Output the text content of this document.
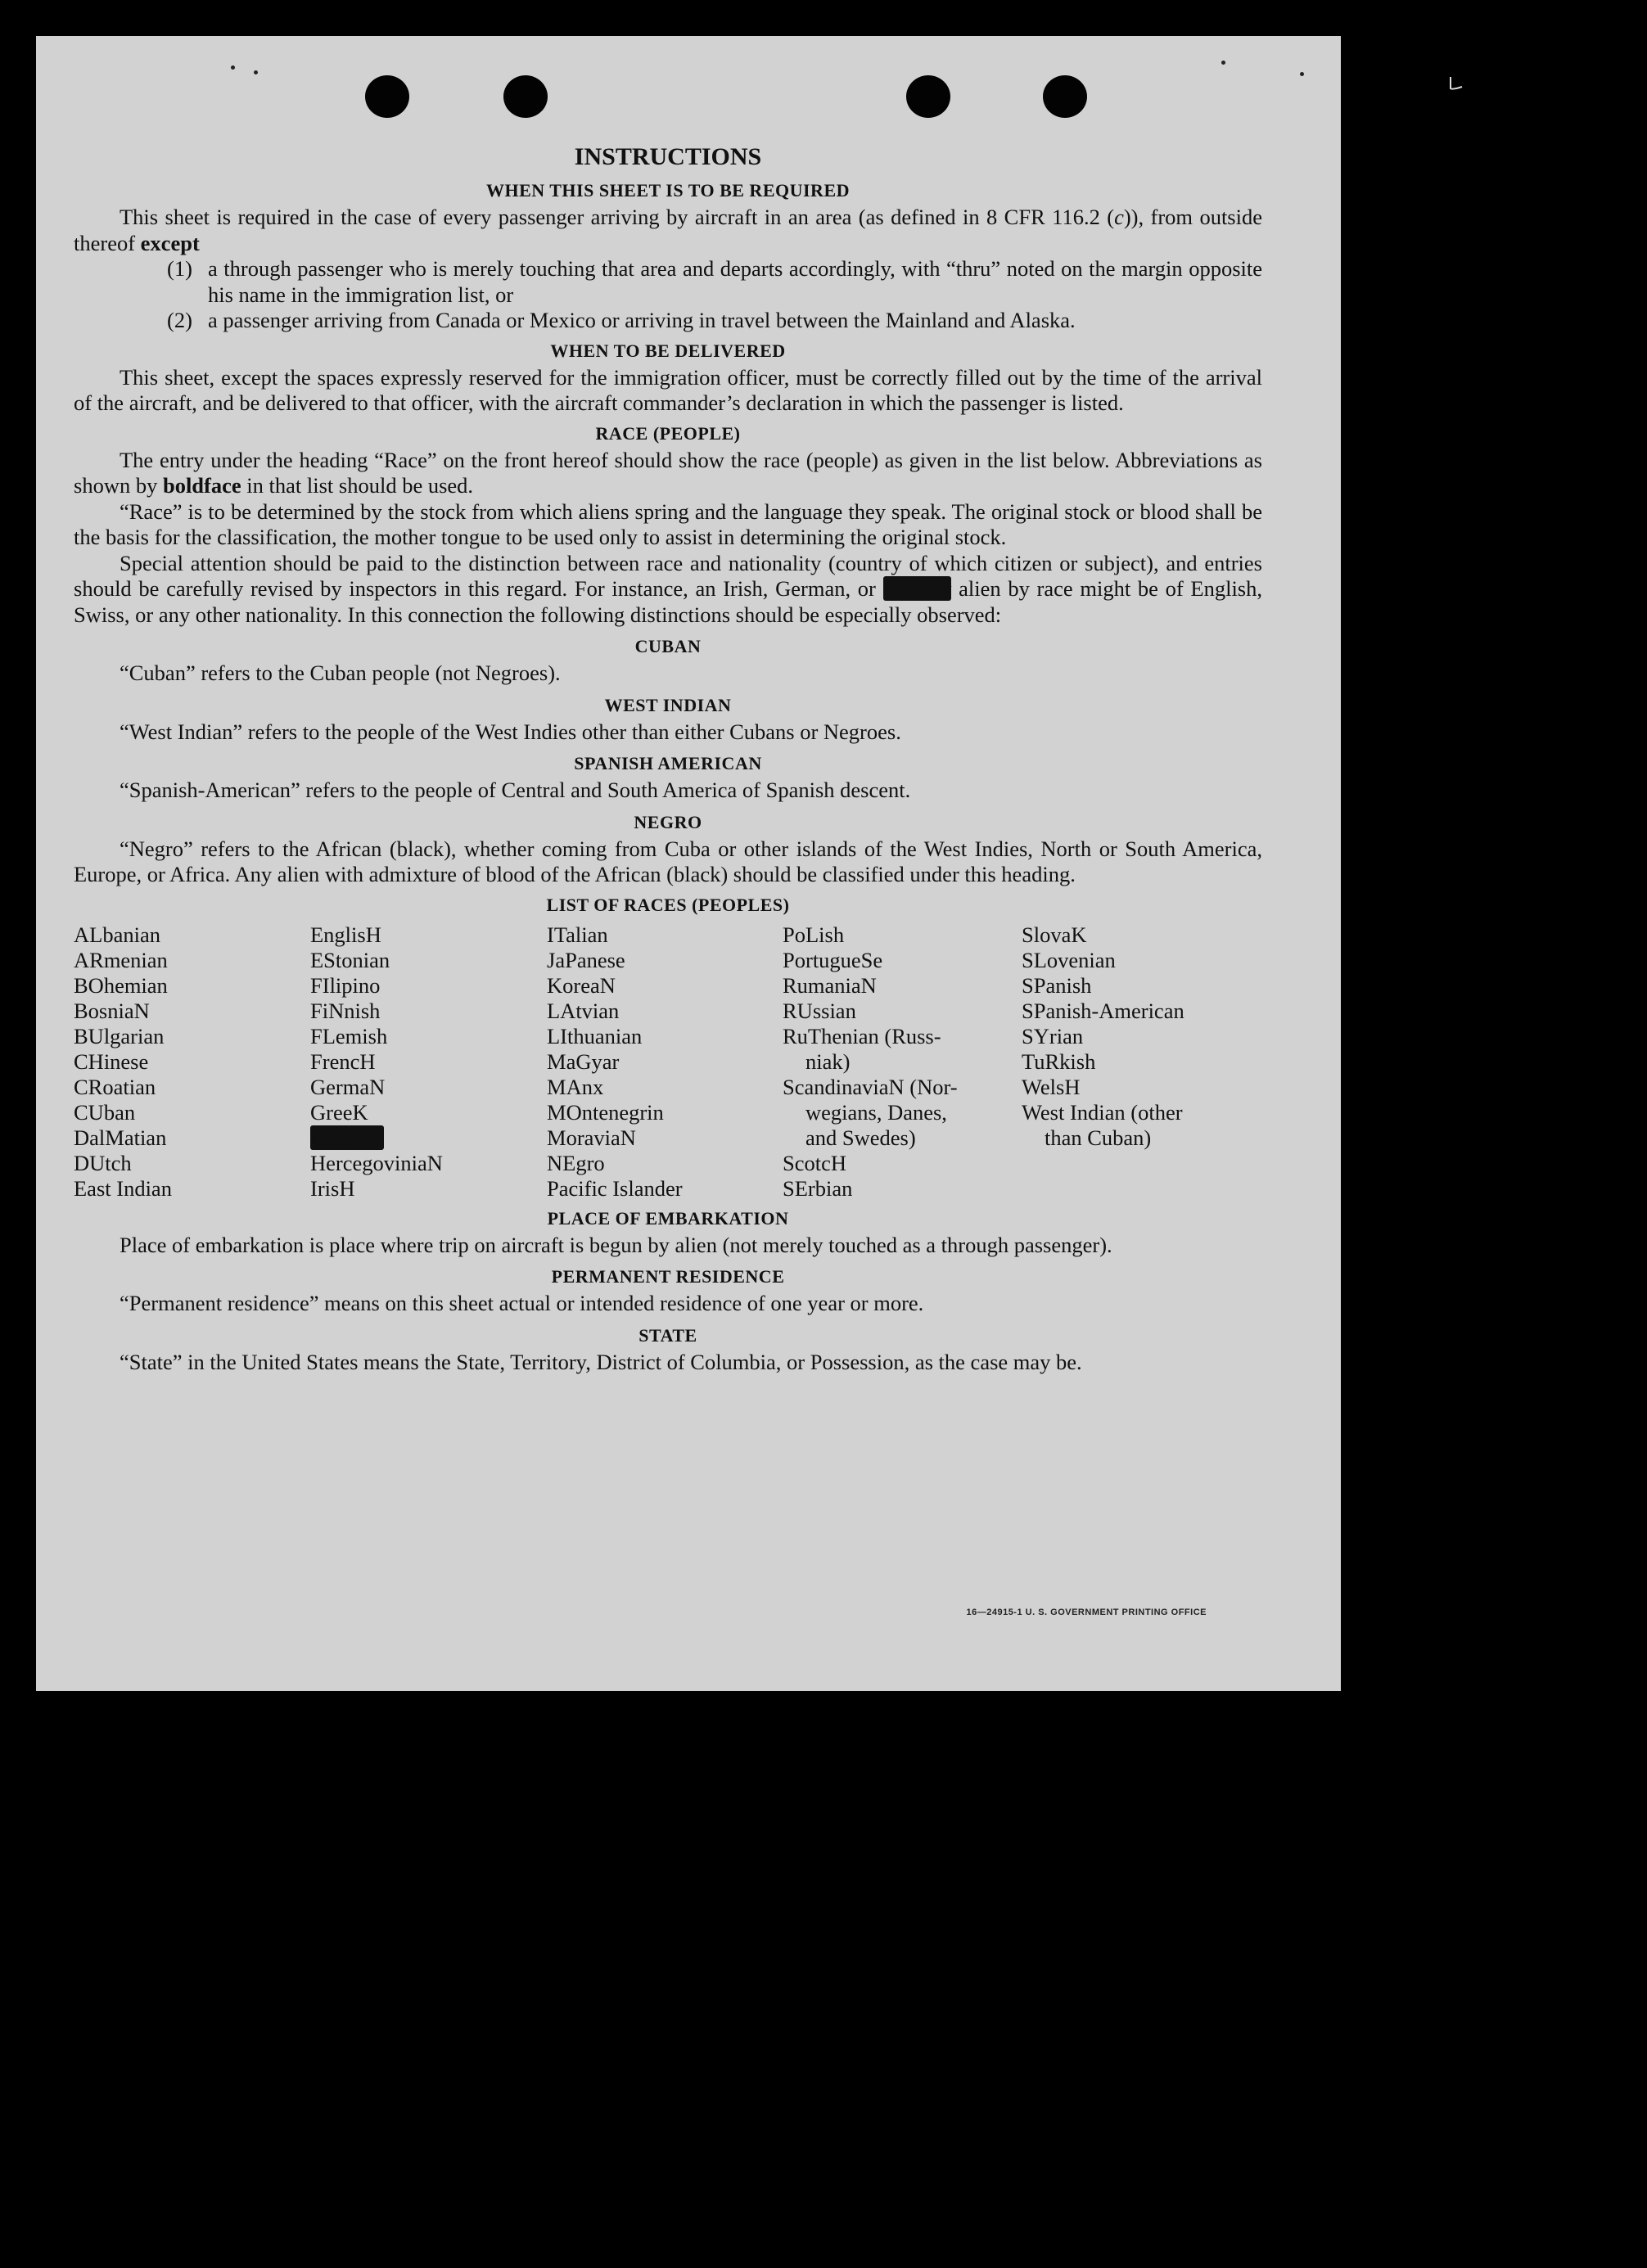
INSTRUCTIONS
WHEN THIS SHEET IS TO BE REQUIRED

This sheet is required in the case of every passenger arriving by aircraft in an area (as defined in 8 CFR 116.2 (c)), from outside thereof except

(1) a through passenger who is merely touching that area and departs accordingly, with “thru” noted on the margin opposite his name in the immigration list, or
(2) a passenger arriving from Canada or Mexico or arriving in travel between the Mainland and Alaska.
WHEN TO BE DELIVERED

This sheet, except the spaces expressly reserved for the immigration officer, must be correctly filled out by the time of the arrival of the aircraft, and be delivered to that officer, with the aircraft commander’s declaration in which the passenger is listed.

RACE (PEOPLE)

The entry under the heading “Race” on the front hereof should show the race (people) as given in the list below. Abbreviations as shown by boldface in that list should be used.

“Race” is to be determined by the stock from which aliens spring and the language they speak. The original stock or blood shall be the basis for the classification, the mother tongue to be used only to assist in determining the original stock.

Special attention should be paid to the distinction between race and nationality (country of which citizen or subject), and entries should be carefully revised by inspectors in this regard. For instance, an Irish, German, or Hebrew alien by race might be of English, Swiss, or any other nationality. In this connection the following distinctions should be especially observed:

CUBAN

“Cuban” refers to the Cuban people (not Negroes).

WEST INDIAN

“West Indian” refers to the people of the West Indies other than either Cubans or Negroes.

SPANISH AMERICAN

“Spanish-American” refers to the people of Central and South America of Spanish descent.

NEGRO

“Negro” refers to the African (black), whether coming from Cuba or other islands of the West Indies, North or South America, Europe, or Africa. Any alien with admixture of blood of the African (black) should be classified under this heading.

LIST OF RACES (PEOPLES)
ALbanian
ARmenian
BOhemian
BosniaN
BUlgarian
CHinese
CRoatian
CUban
DalMatian
DUtch
East Indian
EnglisH
EStonian
FIlipino
FiNnish
FLemish
FrencH
GermaN
GreeK
HebreW
HercegoviniaN
IrisH
ITalian
JaPanese
KoreaN
LAtvian
LIthuanian
MaGyar
MAnx
MOntenegrin
MoraviaN
NEgro
Pacific Islander
PoLish
PortugueSe
RumaniaN
RUssian
RuThenian (Russ-
niak)
ScandinaviaN (Nor-
wegians, Danes,
and Swedes)
ScotcH
SErbian
SlovaK
SLovenian
SPanish
SPanish-American
SYrian
TuRkish
WelsH
West Indian (other
than Cuban)
PLACE OF EMBARKATION

Place of embarkation is place where trip on aircraft is begun by alien (not merely touched as a through passenger).

PERMANENT RESIDENCE

“Permanent residence” means on this sheet actual or intended residence of one year or more.

STATE

“State” in the United States means the State, Territory, District of Columbia, or Possession, as the case may be.

16—24915-1 U. S. GOVERNMENT PRINTING OFFICE
